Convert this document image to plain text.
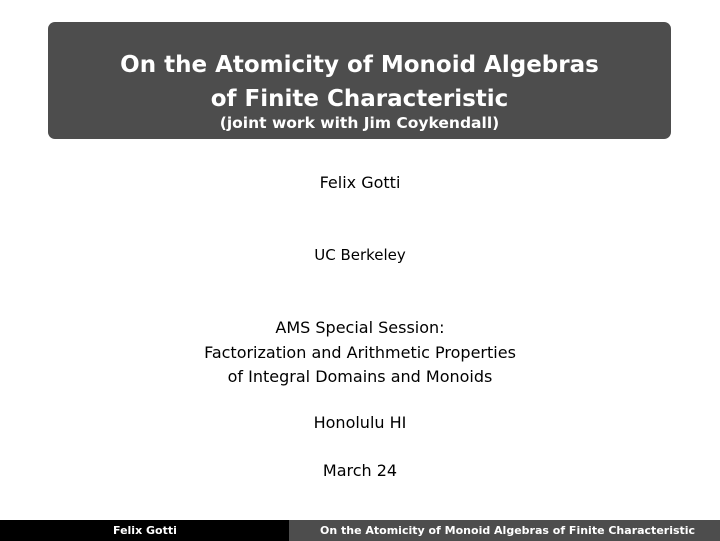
On the Atomicity of Monoid Algebras
of Finite Characteristic
(joint work with Jim Coykendall)
Felix Gotti
UC Berkeley
AMS Special Session:
Factorization and Arithmetic Properties
of Integral Domains and Monoids
Honolulu HI
March 24
Felix Gotti	On the Atomicity of Monoid Algebras of Finite Characteristic
